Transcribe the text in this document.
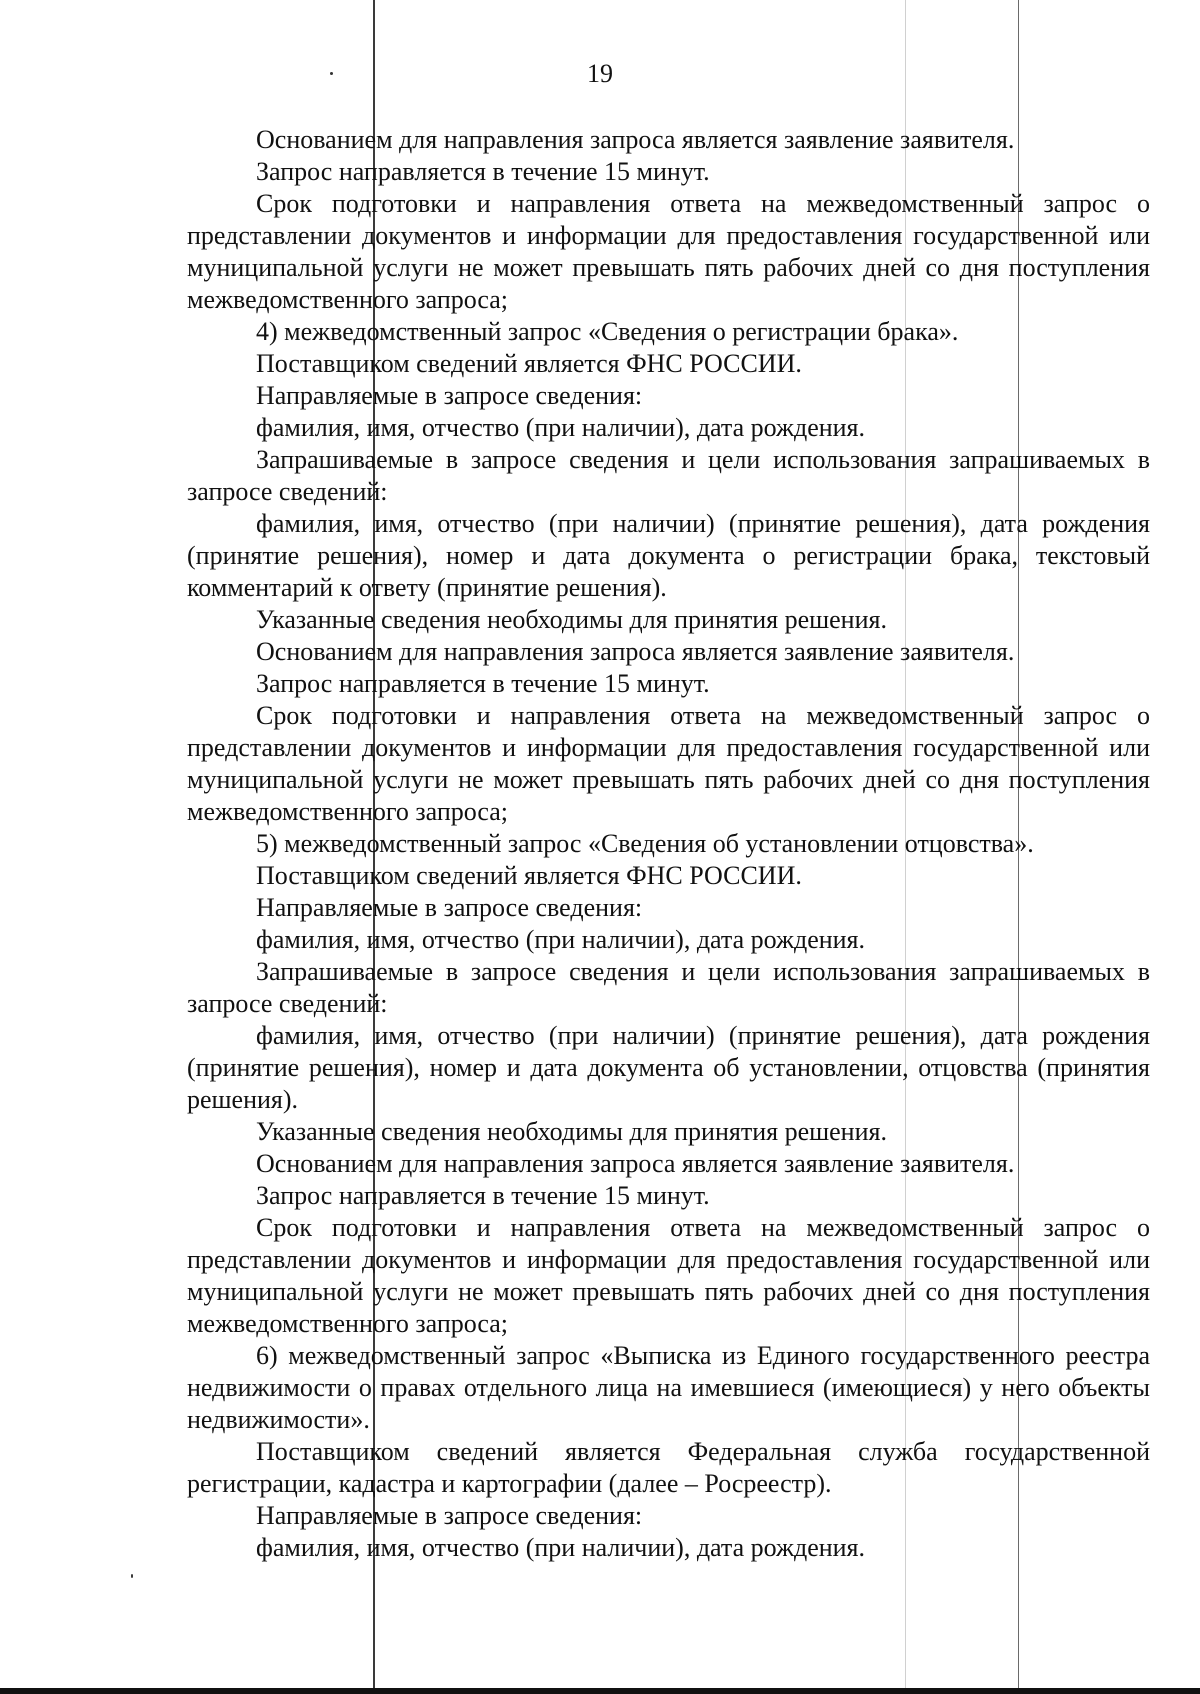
19

Основанием для направления запроса является заявление заявителя.

Запрос направляется в течение 15 минут.

Срок подготовки и направления ответа на межведомственный запрос о представлении документов и информации для предоставления государственной или муниципальной услуги не может превышать пять рабочих дней со дня поступления межведомственного запроса;

4) межведомственный запрос «Сведения о регистрации брака».

Поставщиком сведений является ФНС РОССИИ.

Направляемые в запросе сведения:

фамилия, имя, отчество (при наличии), дата рождения.

Запрашиваемые в запросе сведения и цели использования запрашиваемых в запросе сведений:

фамилия, имя, отчество (при наличии) (принятие решения), дата рождения (принятие решения), номер и дата документа о регистрации брака, текстовый комментарий к ответу (принятие решения).

Указанные сведения необходимы для принятия решения.

Основанием для направления запроса является заявление заявителя.

Запрос направляется в течение 15 минут.

Срок подготовки и направления ответа на межведомственный запрос о представлении документов и информации для предоставления государственной или муниципальной услуги не может превышать пять рабочих дней со дня поступления межведомственного запроса;

5) межведомственный запрос «Сведения об установлении отцовства».

Поставщиком сведений является ФНС РОССИИ.

Направляемые в запросе сведения:

фамилия, имя, отчество (при наличии), дата рождения.

Запрашиваемые в запросе сведения и цели использования запрашиваемых в запросе сведений:

фамилия, имя, отчество (при наличии) (принятие решения), дата рождения (принятие решения), номер и дата документа об установлении, отцовства (принятия решения).

Указанные сведения необходимы для принятия решения.

Основанием для направления запроса является заявление заявителя.

Запрос направляется в течение 15 минут.

Срок подготовки и направления ответа на межведомственный запрос о представлении документов и информации для предоставления государственной или муниципальной услуги не может превышать пять рабочих дней со дня поступления межведомственного запроса;

6) межведомственный запрос «Выписка из Единого государственного реестра недвижимости о правах отдельного лица на имевшиеся (имеющиеся) у него объекты недвижимости».

Поставщиком сведений является Федеральная служба государственной регистрации, кадастра и картографии (далее – Росреестр).

Направляемые в запросе сведения:

фамилия, имя, отчество (при наличии), дата рождения.
